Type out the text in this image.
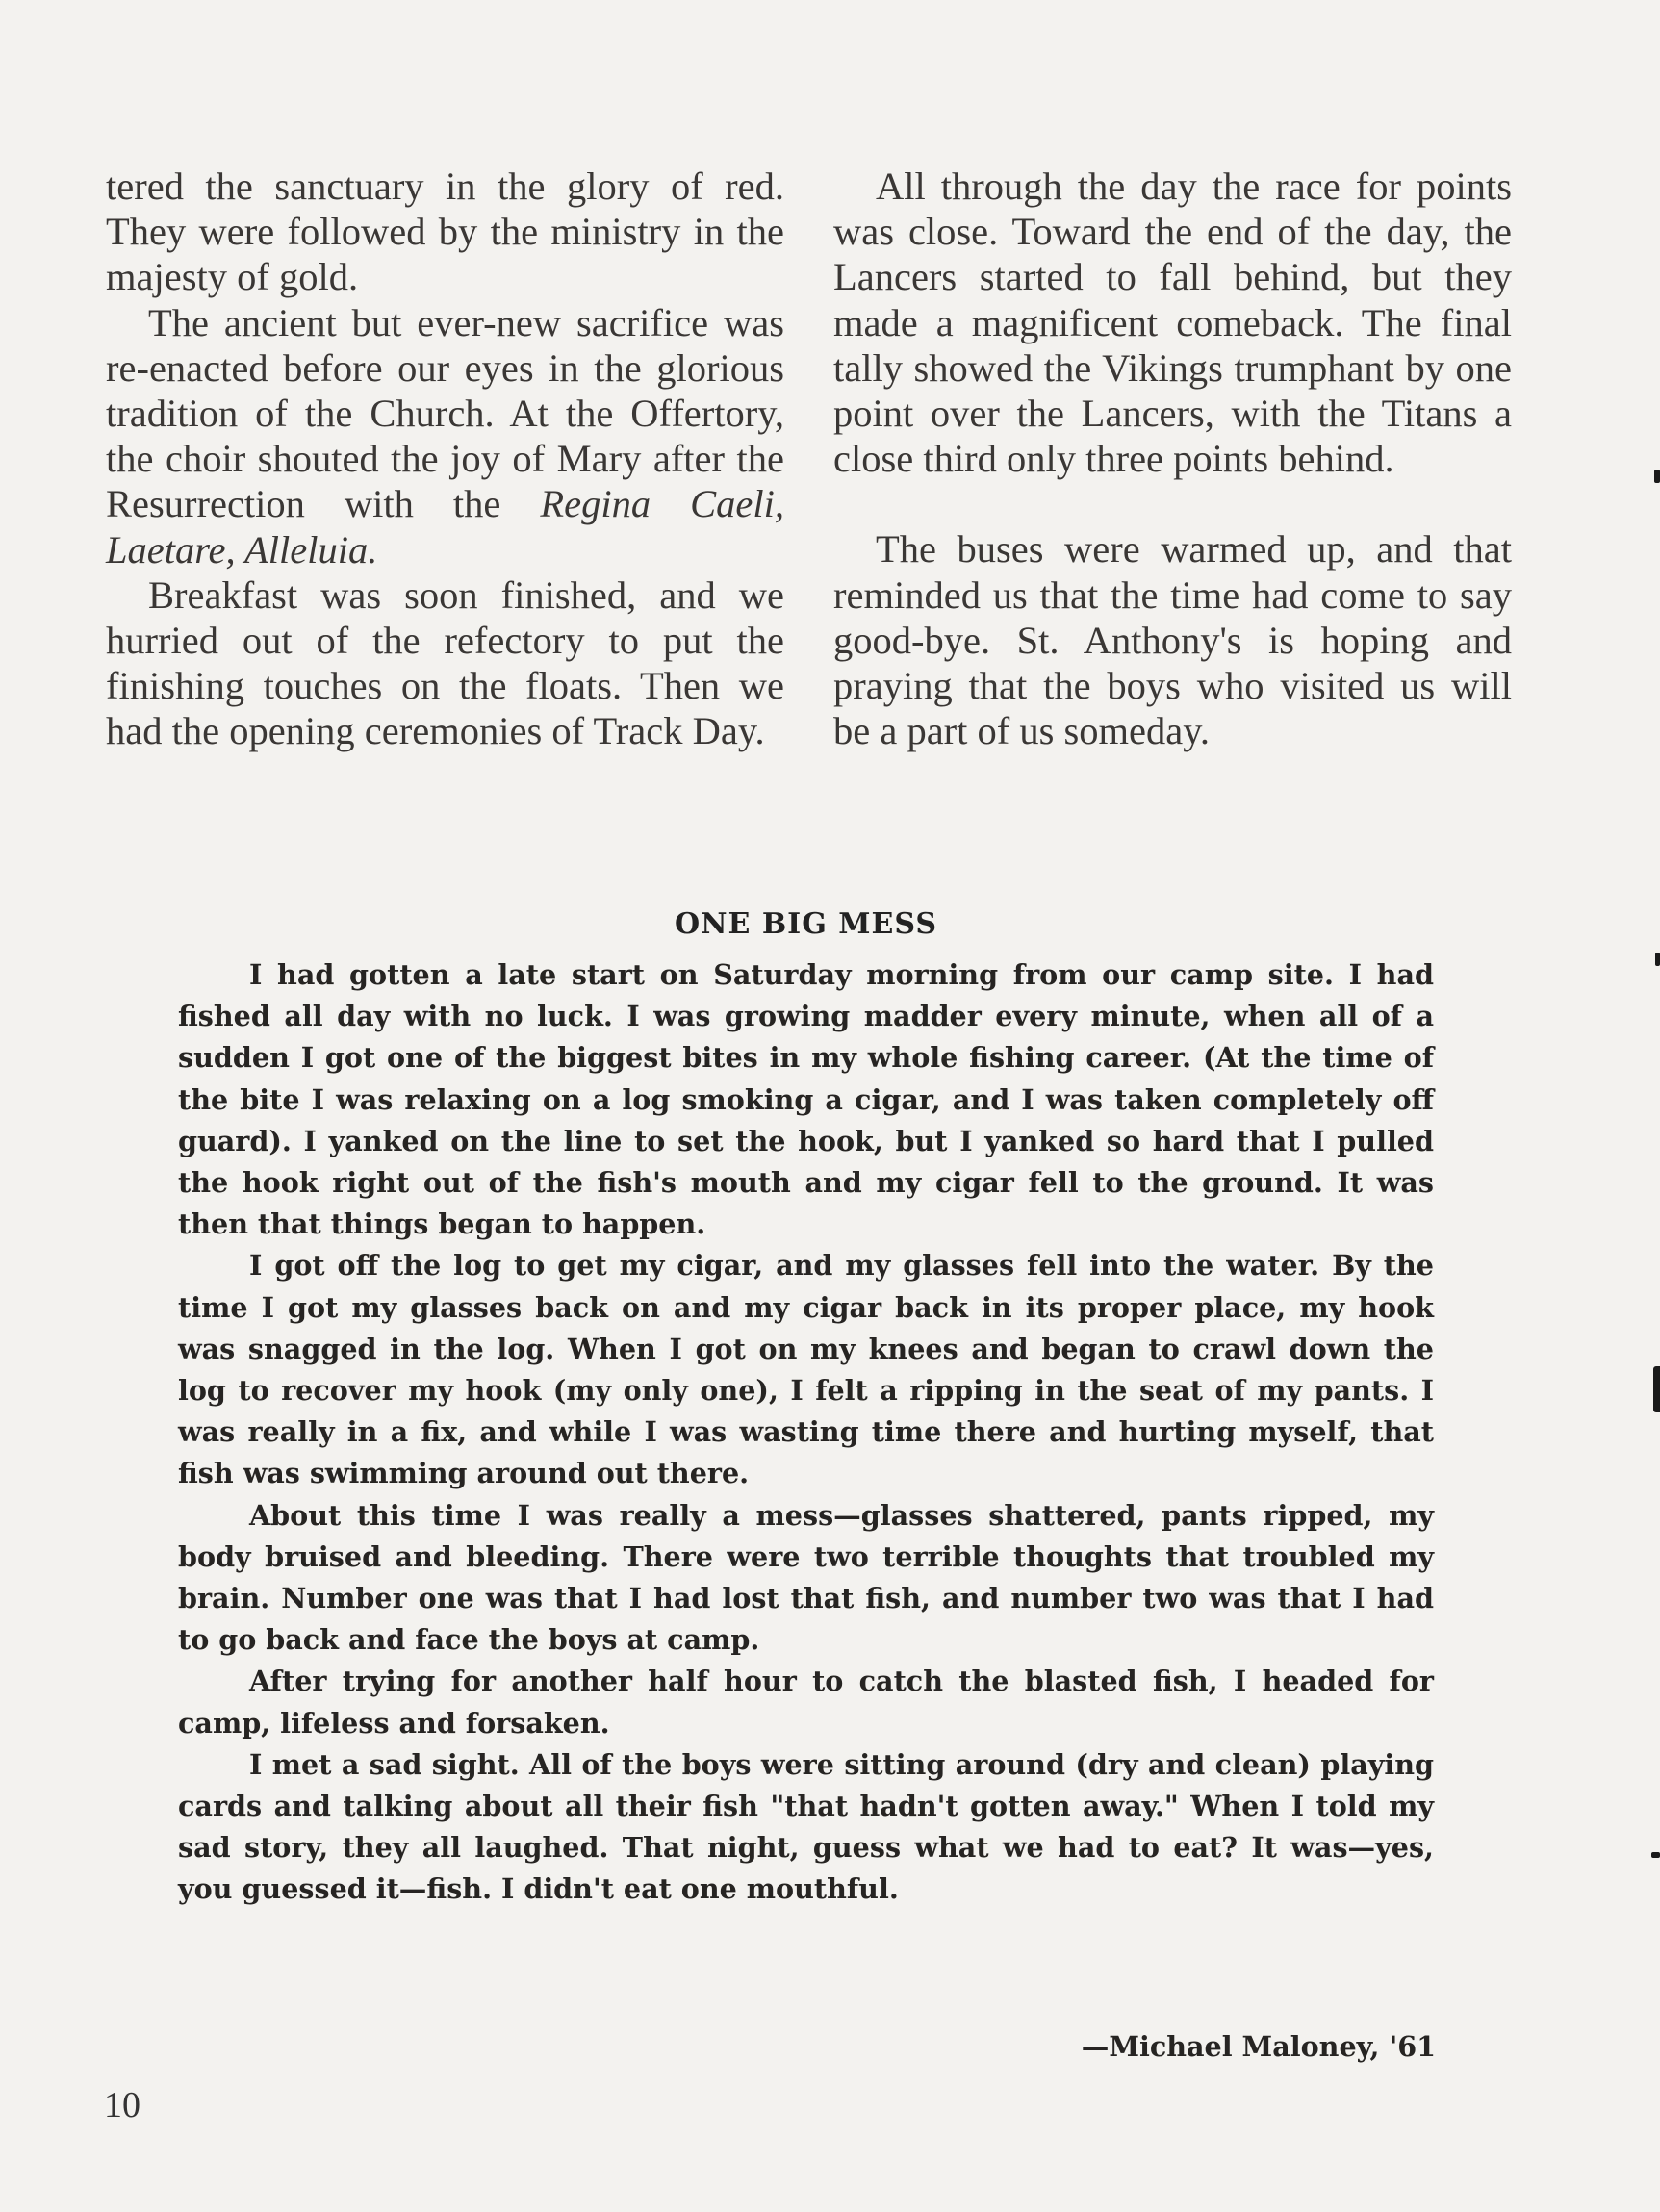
tered the sanctuary in the glory of red. They were followed by the ministry in the majesty of gold.

The ancient but ever-new sacrifice was re-enacted before our eyes in the glorious tradition of the Church. At the Offertory, the choir shouted the joy of Mary after the Resurrection with the Regina Caeli, Laetare, Alleluia.

Breakfast was soon finished, and we hurried out of the refectory to put the finishing touches on the floats. Then we had the opening ceremonies of Track Day.

All through the day the race for points was close. Toward the end of the day, the Lancers started to fall behind, but they made a magnificent comeback. The final tally showed the Vikings trumphant by one point over the Lancers, with the Titans a close third only three points behind.

The buses were warmed up, and that reminded us that the time had come to say good-bye. St. Anthony's is hoping and praying that the boys who visited us will be a part of us someday.

ONE BIG MESS

I had gotten a late start on Saturday morning from our camp site. I had fished all day with no luck. I was growing madder every minute, when all of a sudden I got one of the biggest bites in my whole fishing career. (At the time of the bite I was relaxing on a log smoking a cigar, and I was taken completely off guard). I yanked on the line to set the hook, but I yanked so hard that I pulled the hook right out of the fish's mouth and my cigar fell to the ground. It was then that things began to happen.

I got off the log to get my cigar, and my glasses fell into the water. By the time I got my glasses back on and my cigar back in its proper place, my hook was snagged in the log. When I got on my knees and began to crawl down the log to recover my hook (my only one), I felt a ripping in the seat of my pants. I was really in a fix, and while I was wasting time there and hurting myself, that fish was swimming around out there.

About this time I was really a mess—glasses shattered, pants ripped, my body bruised and bleeding. There were two terrible thoughts that troubled my brain. Number one was that I had lost that fish, and number two was that I had to go back and face the boys at camp.

After trying for another half hour to catch the blasted fish, I headed for camp, lifeless and forsaken.

I met a sad sight. All of the boys were sitting around (dry and clean) playing cards and talking about all their fish "that hadn't gotten away." When I told my sad story, they all laughed. That night, guess what we had to eat? It was—yes, you guessed it—fish. I didn't eat one mouthful.

—Michael Maloney, '61
10
